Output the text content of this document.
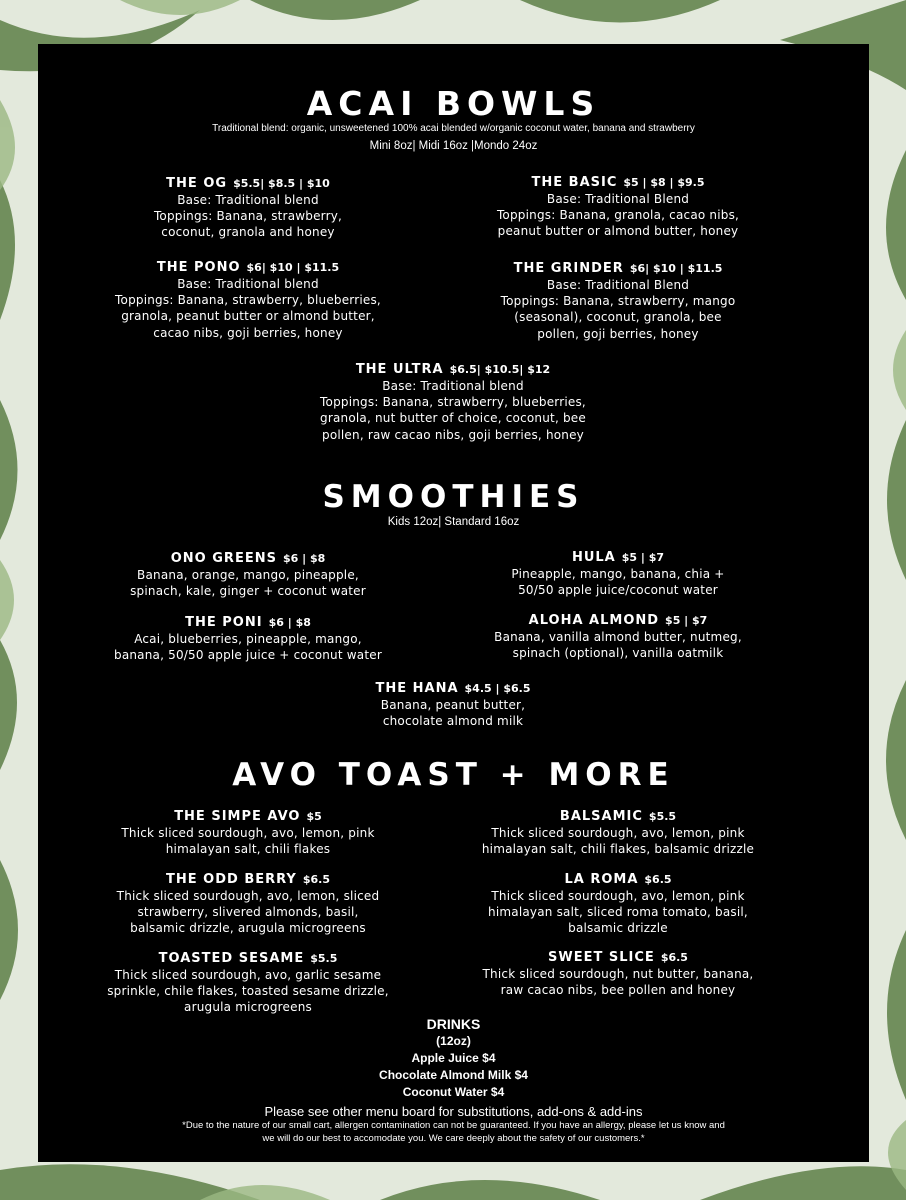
ACAI BOWLS
Traditional blend: organic, unsweetened 100% acai blended w/organic coconut water, banana and strawberry
Mini 8oz| Midi 16oz |Mondo 24oz
THE OG $5.5| $8.5 | $10
Base: Traditional blend
Toppings: Banana, strawberry,
coconut, granola and honey
THE BASIC $5 | $8 | $9.5
Base: Traditional Blend
Toppings: Banana, granola, cacao nibs,
peanut butter or almond butter, honey
THE PONO $6| $10 | $11.5
Base: Traditional blend
Toppings: Banana, strawberry, blueberries,
granola, peanut butter or almond butter,
cacao nibs, goji berries, honey
THE GRINDER $6| $10 | $11.5
Base: Traditional Blend
Toppings: Banana, strawberry, mango
(seasonal), coconut, granola, bee
pollen, goji berries, honey
THE ULTRA $6.5| $10.5| $12
Base: Traditional blend
Toppings: Banana, strawberry, blueberries,
granola, nut butter of choice, coconut, bee
pollen, raw cacao nibs, goji berries, honey
SMOOTHIES
Kids 12oz| Standard 16oz
ONO GREENS $6 | $8
Banana, orange, mango, pineapple,
spinach, kale, ginger + coconut water
HULA $5 | $7
Pineapple, mango, banana, chia +
50/50 apple juice/coconut water
THE PONI $6 | $8
Acai, blueberries, pineapple, mango,
banana, 50/50 apple juice + coconut water
ALOHA ALMOND $5 | $7
Banana, vanilla almond butter, nutmeg,
spinach (optional), vanilla oatmilk
THE HANA $4.5 | $6.5
Banana, peanut butter,
chocolate almond milk
AVO TOAST + MORE
THE SIMPE AVO $5
Thick sliced sourdough, avo, lemon, pink
himalayan salt, chili flakes
BALSAMIC $5.5
Thick sliced sourdough, avo, lemon, pink
himalayan salt, chili flakes, balsamic drizzle
THE ODD BERRY $6.5
Thick sliced sourdough, avo, lemon, sliced
strawberry, slivered almonds, basil,
balsamic drizzle, arugula microgreens
LA ROMA $6.5
Thick sliced sourdough, avo, lemon, pink
himalayan salt, sliced roma tomato, basil,
balsamic drizzle
TOASTED SESAME $5.5
Thick sliced sourdough, avo, garlic sesame
sprinkle, chile flakes, toasted sesame drizzle,
arugula microgreens
SWEET SLICE $6.5
Thick sliced sourdough, nut butter, banana,
raw cacao nibs, bee pollen and honey
DRINKS
(12oz)
Apple Juice $4
Chocolate Almond Milk $4
Coconut Water $4
Please see other menu board for substitutions, add-ons & add-ins
*Due to the nature of our small cart, allergen contamination can not be guaranteed. If you have an allergy, please let us know and
we will do our best to accomodate you. We care deeply about the safety of our customers.*
